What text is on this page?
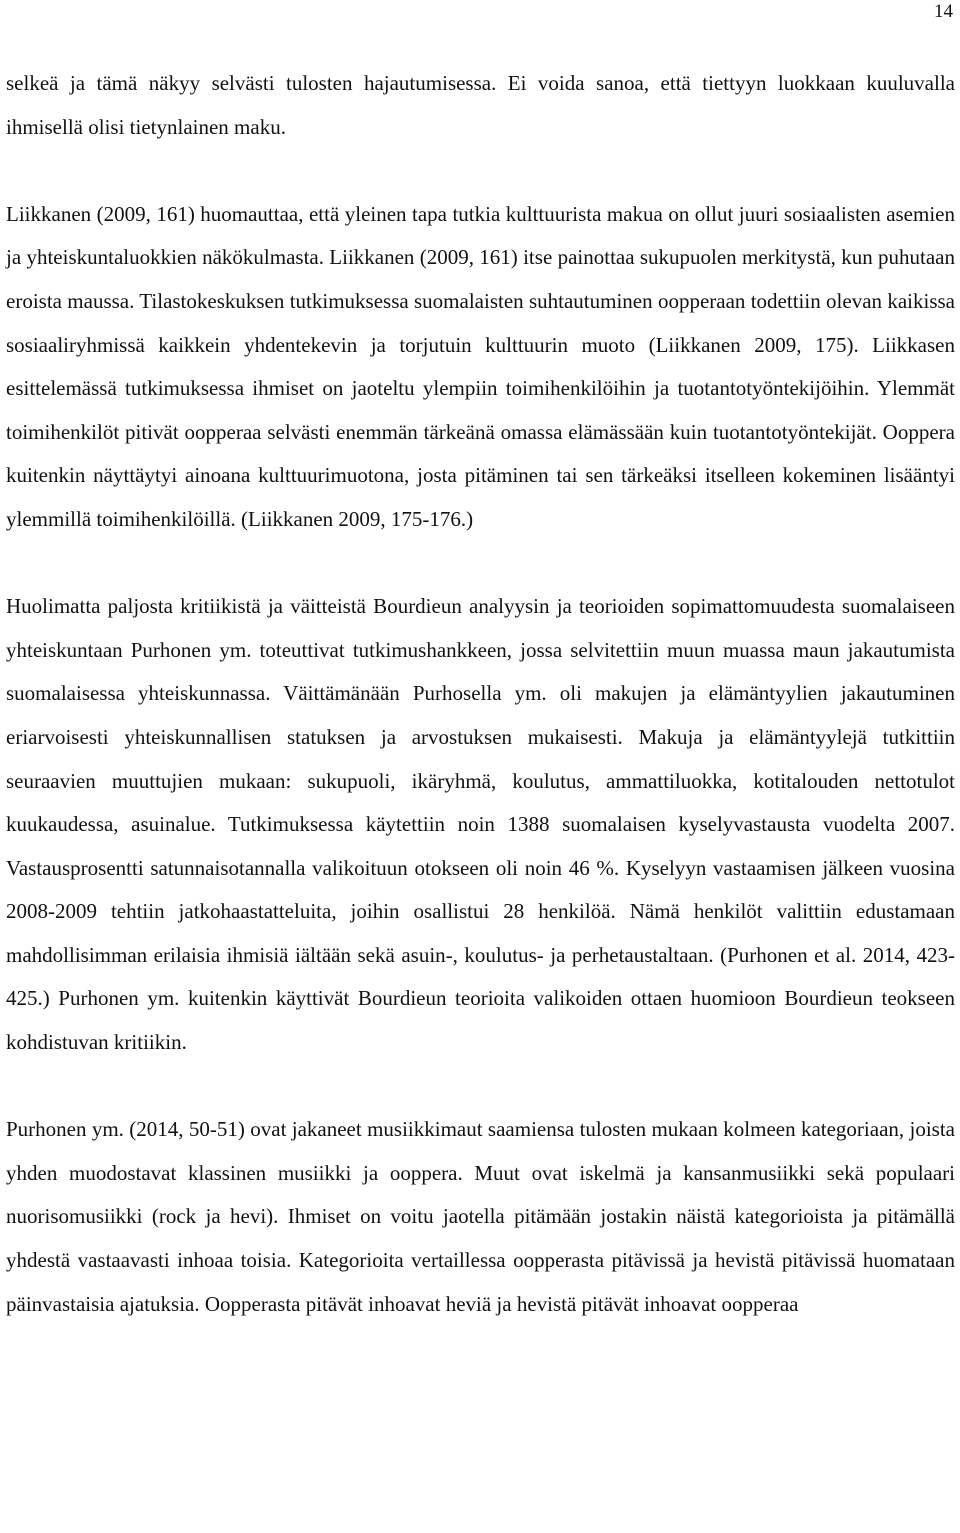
14

selkeä ja tämä näkyy selvästi tulosten hajautumisessa. Ei voida sanoa, että tiettyyn luokkaan kuuluvalla ihmisellä olisi tietynlainen maku.

Liikkanen (2009, 161) huomauttaa, että yleinen tapa tutkia kulttuurista makua on ollut juuri sosiaalisten asemien ja yhteiskuntaluokkien näkökulmasta. Liikkanen (2009, 161) itse painottaa sukupuolen merkitystä, kun puhutaan eroista maussa. Tilastokeskuksen tutkimuksessa suomalaisten suhtautuminen oopperaan todettiin olevan kaikissa sosiaaliryhmissä kaikkein yhdentekevin ja torjutuin kulttuurin muoto (Liikkanen 2009, 175). Liikkasen esittelemässä tutkimuksessa ihmiset on jaoteltu ylempiin toimihenkilöihin ja tuotantotyöntekijöihin. Ylemmät toimihenkilöt pitivät oopperaa selvästi enemmän tärkeänä omassa elämässään kuin tuotantotyöntekijät. Ooppera kuitenkin näyttäytyi ainoana kulttuurimuotona, josta pitäminen tai sen tärkeäksi itselleen kokeminen lisääntyi ylemmillä toimihenkilöillä. (Liikkanen 2009, 175-176.)

Huolimatta paljosta kritiikistä ja väitteistä Bourdieun analyysin ja teorioiden sopimattomuudesta suomalaiseen yhteiskuntaan Purhonen ym. toteuttivat tutkimushankkeen, jossa selvitettiin muun muassa maun jakautumista suomalaisessa yhteiskunnassa. Väittämänään Purhosella ym. oli makujen ja elämäntyylien jakautuminen eriarvoisesti yhteiskunnallisen statuksen ja arvostuksen mukaisesti. Makuja ja elämäntyylejä tutkittiin seuraavien muuttujien mukaan: sukupuoli, ikäryhmä, koulutus, ammattiluokka, kotitalouden nettotulot kuukaudessa, asuinalue. Tutkimuksessa käytettiin noin 1388 suomalaisen kyselyvastausta vuodelta 2007. Vastausprosentti satunnaisotannalla valikoituun otokseen oli noin 46 %. Kyselyyn vastaamisen jälkeen vuosina 2008-2009 tehtiin jatkohaastatteluita, joihin osallistui 28 henkilöä. Nämä henkilöt valittiin edustamaan mahdollisimman erilaisia ihmisiä iältään sekä asuin-, koulutus- ja perhetaustaltaan. (Purhonen et al. 2014, 423-425.) Purhonen ym. kuitenkin käyttivät Bourdieun teorioita valikoiden ottaen huomioon Bourdieun teokseen kohdistuvan kritiikin.

Purhonen ym. (2014, 50-51) ovat jakaneet musiikkimaut saamiensa tulosten mukaan kolmeen kategoriaan, joista yhden muodostavat klassinen musiikki ja ooppera. Muut ovat iskelmä ja kansanmusiikki sekä populaari nuorisomusiikki (rock ja hevi). Ihmiset on voitu jaotella pitämään jostakin näistä kategorioista ja pitämällä yhdestä vastaavasti inhoaa toisia. Kategorioita vertaillessa oopperasta pitävissä ja hevistä pitävissä huomataan päinvastaisia ajatuksia. Oopperasta pitävät inhoavat heviä ja hevistä pitävät inhoavat oopperaa
